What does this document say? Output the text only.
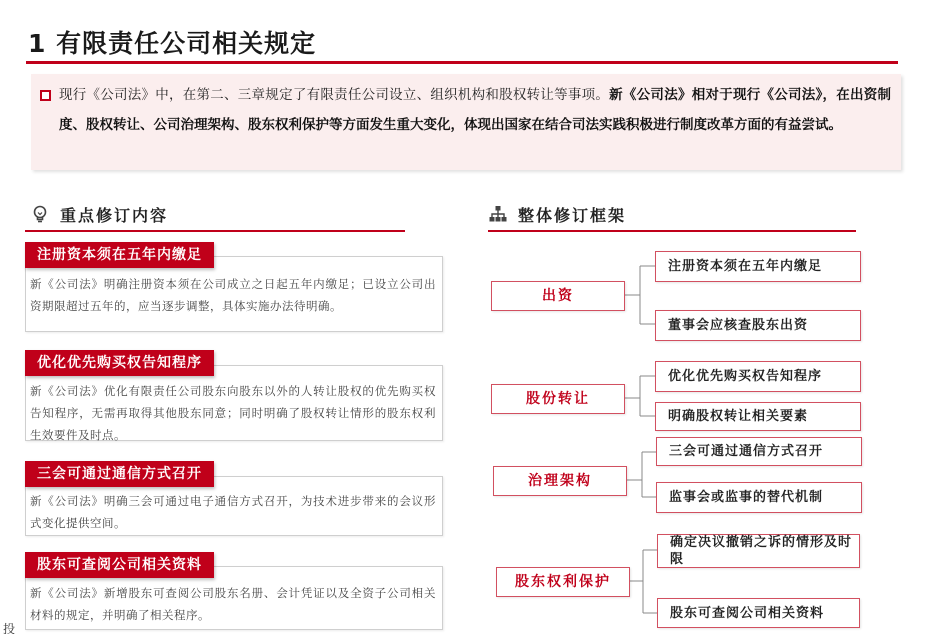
1 有限责任公司相关规定
现行《公司法》中，在第二、三章规定了有限责任公司设立、组织机构和股权转让等事项。新《公司法》相对于现行《公司法》，在出资制度、股权转让、公司治理架构、股东权利保护等方面发生重大变化，体现出国家在结合司法实践积极进行制度改革方面的有益尝试。
重点修订内容
注册资本须在五年内缴足
新《公司法》明确注册资本须在公司成立之日起五年内缴足；已设立公司出资期限超过五年的，应当逐步调整，具体实施办法待明确。
优化优先购买权告知程序
新《公司法》优化有限责任公司股东向股东以外的人转让股权的优先购买权告知程序，无需再取得其他股东同意；同时明确了股权转让情形的股东权利生效要件及时点。
三会可通过通信方式召开
新《公司法》明确三会可通过电子通信方式召开，为技术进步带来的会议形式变化提供空间。
股东可查阅公司相关资料
新《公司法》新增股东可查阅公司股东名册、会计凭证以及全资子公司相关材料的规定，并明确了相关程序。
投
整体修订框架
出资
注册资本须在五年内缴足
董事会应核查股东出资
股份转让
优化优先购买权告知程序
明确股权转让相关要素
治理架构
三会可通过通信方式召开
监事会或监事的替代机制
股东权利保护
确定决议撤销之诉的情形及时限
股东可查阅公司相关资料
